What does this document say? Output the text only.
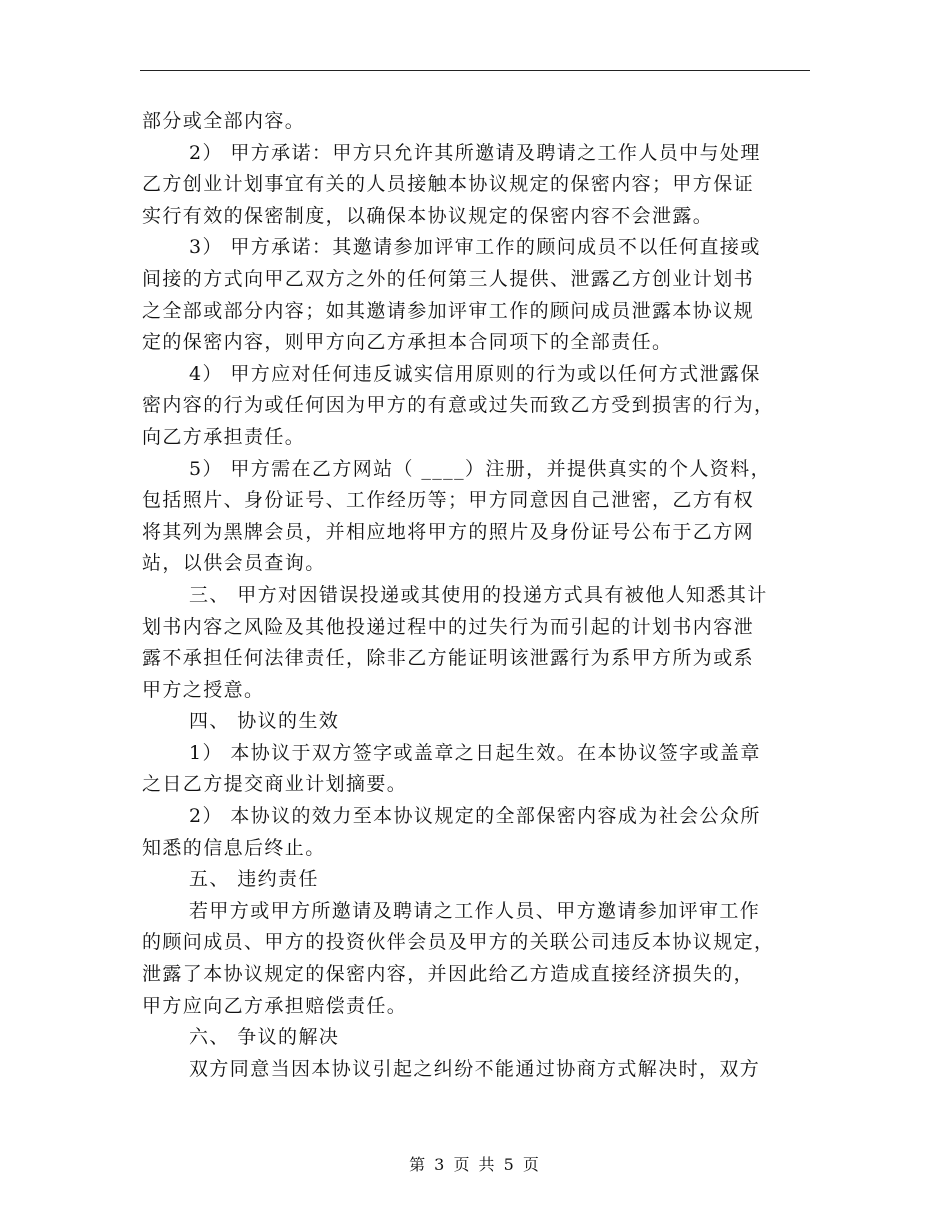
部分或全部内容。
2） 甲方承诺：甲方只允许其所邀请及聘请之工作人员中与处理
乙方创业计划事宜有关的人员接触本协议规定的保密内容；甲方保证
实行有效的保密制度，以确保本协议规定的保密内容不会泄露。
3） 甲方承诺：其邀请参加评审工作的顾问成员不以任何直接或
间接的方式向甲乙双方之外的任何第三人提供、泄露乙方创业计划书
之全部或部分内容；如其邀请参加评审工作的顾问成员泄露本协议规
定的保密内容，则甲方向乙方承担本合同项下的全部责任。
4） 甲方应对任何违反诚实信用原则的行为或以任何方式泄露保
密内容的行为或任何因为甲方的有意或过失而致乙方受到损害的行为，
向乙方承担责任。
5） 甲方需在乙方网站（ ____）注册，并提供真实的个人资料，
包括照片、身份证号、工作经历等；甲方同意因自己泄密，乙方有权
将其列为黑牌会员，并相应地将甲方的照片及身份证号公布于乙方网
站，以供会员查询。
三、 甲方对因错误投递或其使用的投递方式具有被他人知悉其计
划书内容之风险及其他投递过程中的过失行为而引起的计划书内容泄
露不承担任何法律责任，除非乙方能证明该泄露行为系甲方所为或系
甲方之授意。
四、 协议的生效
1） 本协议于双方签字或盖章之日起生效。在本协议签字或盖章
之日乙方提交商业计划摘要。
2） 本协议的效力至本协议规定的全部保密内容成为社会公众所
知悉的信息后终止。
五、 违约责任
若甲方或甲方所邀请及聘请之工作人员、甲方邀请参加评审工作
的顾问成员、甲方的投资伙伴会员及甲方的关联公司违反本协议规定，
泄露了本协议规定的保密内容，并因此给乙方造成直接经济损失的，
甲方应向乙方承担赔偿责任。
六、 争议的解决
双方同意当因本协议引起之纠纷不能通过协商方式解决时，双方
第 3 页 共 5 页
